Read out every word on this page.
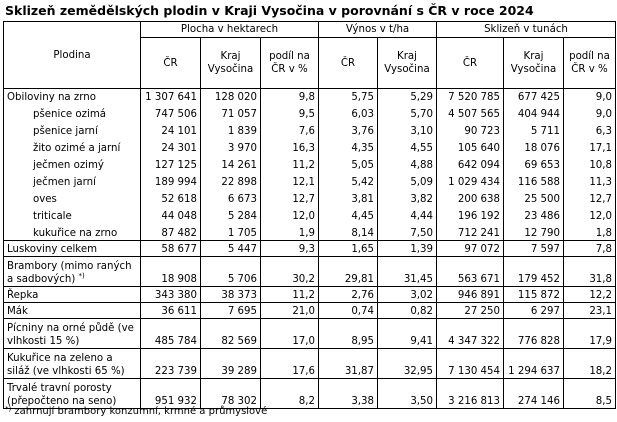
Sklizeň zemědělských plodin v Kraji Vysočina v porovnání s ČR v roce 2024
Plodina	Plocha v hektarech			Výnos v t/ha		Sklizeň v tunách		
	ČR	Kraj Vysočina	podíl na ČR v %	ČR	Kraj Vysočina	ČR	Kraj Vysočina	podíl na ČR v %
Obiloviny na zrno	1 307 641	128 020	9,8	5,75	5,29	7 520 785	677 425	9,0
pšenice ozimá	747 506	71 057	9,5	6,03	5,70	4 507 565	404 944	9,0
pšenice jarní	24 101	1 839	7,6	3,76	3,10	90 723	5 711	6,3
žito ozimé a jarní	24 301	3 970	16,3	4,35	4,55	105 640	18 076	17,1
ječmen ozimý	127 125	14 261	11,2	5,05	4,88	642 094	69 653	10,8
ječmen jarní	189 994	22 898	12,1	5,42	5,09	1 029 434	116 588	11,3
oves	52 618	6 673	12,7	3,81	3,82	200 638	25 500	12,7
triticale	44 048	5 284	12,0	4,45	4,44	196 192	23 486	12,0
kukuřice na zrno	87 482	1 705	1,9	8,14	7,50	712 241	12 790	1,8
Luskoviny celkem	58 677	5 447	9,3	1,65	1,39	97 072	7 597	7,8
Brambory (mimo raných a sadbových) *)	18 908	5 706	30,2	29,81	31,45	563 671	179 452	31,8
Řepka	343 380	38 373	11,2	2,76	3,02	946 891	115 872	12,2
Mák	36 611	7 695	21,0	0,74	0,82	27 250	6 297	23,1
Pícniny na orné půdě (ve vlhkosti 15 %)	485 784	82 569	17,0	8,95	9,41	4 347 322	776 828	17,9
Kukuřice na zeleno a siláž (ve vlhkosti 65 %)	223 739	39 289	17,6	31,87	32,95	7 130 454	1 294 637	18,2
Trvalé travní porosty (přepočteno na seno)	951 932	78 302	8,2	3,38	3,50	3 216 813	274 146	8,5
*) zahrnují brambory konzumní, krmné a průmyslové
